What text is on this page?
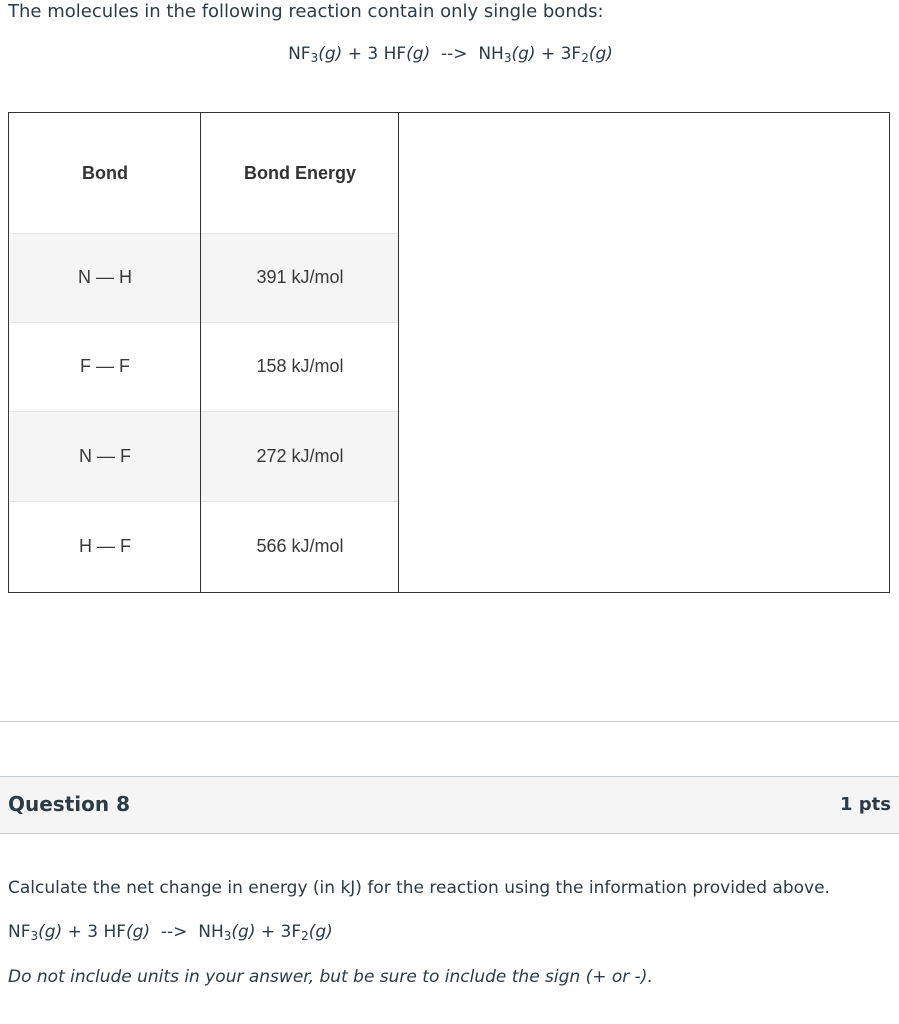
The molecules in the following reaction contain only single bonds:
$NF_3(g) + 3$ HF(g)  -->  $NH_3(g) + 3F_2(g)$
Bond	Bond Energy
N — H	391 kJ/mol
F — F	158 kJ/mol
N — F	272 kJ/mol
H — F	566 kJ/mol
Question 8	1 pts
Calculate the net change in energy (in kJ) for the reaction using the information provided above.
$NF_3(g) + 3$ HF(g)  -->  $NH_3(g) + 3F_2(g)$
Do not include units in your answer, but be sure to include the sign (+ or -).
